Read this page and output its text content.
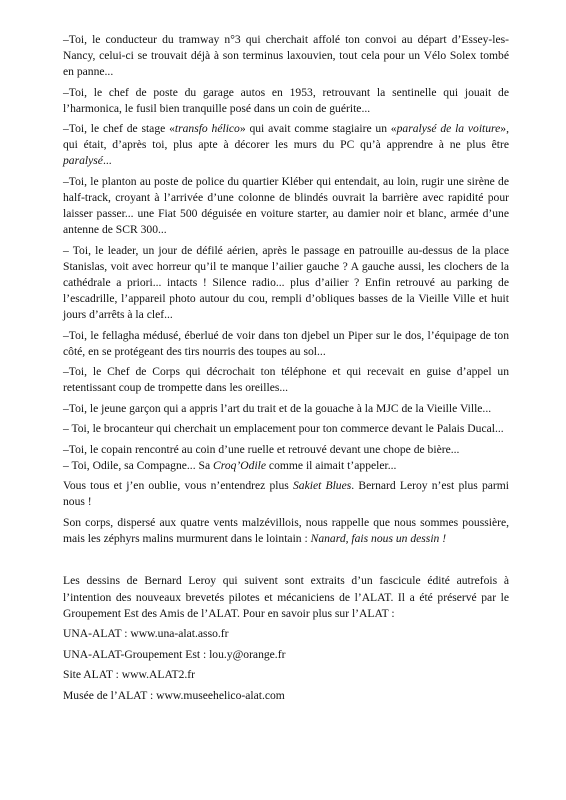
–Toi, le conducteur du tramway n°3 qui cherchait affolé ton convoi au départ d’Essey-les-Nancy, celui-ci se trouvait déjà à son terminus laxouvien, tout cela pour un Vélo Solex tombé en panne...

–Toi, le chef de poste du garage autos en 1953, retrouvant la sentinelle qui jouait de l’harmonica, le fusil bien tranquille posé dans un coin de guérite...

–Toi, le chef de stage «transfo hélico» qui avait comme stagiaire un «paralysé de la voiture», qui était, d’après toi, plus apte à décorer les murs du PC qu’à apprendre à ne plus être paralysé...

–Toi, le planton au poste de police du quartier Kléber qui entendait, au loin, rugir une sirène de half-track, croyant à l’arrivée d’une colonne de blindés ouvrait la barrière avec rapidité pour laisser passer... une Fiat 500 déguisée en voiture starter, au damier noir et blanc, armée d’une antenne de SCR 300...

– Toi, le leader, un jour de défilé aérien, après le passage en patrouille au-dessus de la place Stanislas, voit avec horreur qu’il te manque l’ailier gauche ? A gauche aussi, les clochers de la cathédrale a priori... intacts ! Silence radio... plus d’ailier ? Enfin retrouvé au parking de l’escadrille, l’appareil photo autour du cou, rempli d’obliques basses de la Vieille Ville et huit jours d’arrêts à la clef...

–Toi, le fellagha médusé, éberlué de voir dans ton djebel un Piper sur le dos, l’équipage de ton côté, en se protégeant des tirs nourris des toupes au sol...

–Toi, le Chef de Corps qui décrochait ton téléphone et qui recevait en guise d’appel un retentissant coup de trompette dans les oreilles...

–Toi, le jeune garçon qui a appris l’art du trait et de la gouache à la MJC de la Vieille Ville...

– Toi, le brocanteur qui cherchait un emplacement pour ton commerce devant le Palais Ducal...

–Toi, le copain rencontré au coin d’une ruelle et retrouvé devant une chope de bière...

– Toi, Odile, sa Compagne... Sa Croq’Odile comme il aimait t’appeler...

Vous tous et j’en oublie, vous n’entendrez plus Sakiet Blues. Bernard Leroy n’est plus parmi nous !

Son corps, dispersé aux quatre vents malzévillois, nous rappelle que nous sommes poussière, mais les zéphyrs malins murmurent dans le lointain : Nanard, fais nous un dessin !

Les dessins de Bernard Leroy qui suivent sont extraits d’un fascicule édité autrefois à l’intention des nouveaux brevetés pilotes et mécaniciens de l’ALAT. Il a été préservé par le Groupement Est des Amis de l’ALAT. Pour en savoir plus sur l’ALAT :

UNA-ALAT : www.una-alat.asso.fr

UNA-ALAT-Groupement Est : lou.y@orange.fr

Site ALAT : www.ALAT2.fr

Musée de l’ALAT : www.museehelico-alat.com
